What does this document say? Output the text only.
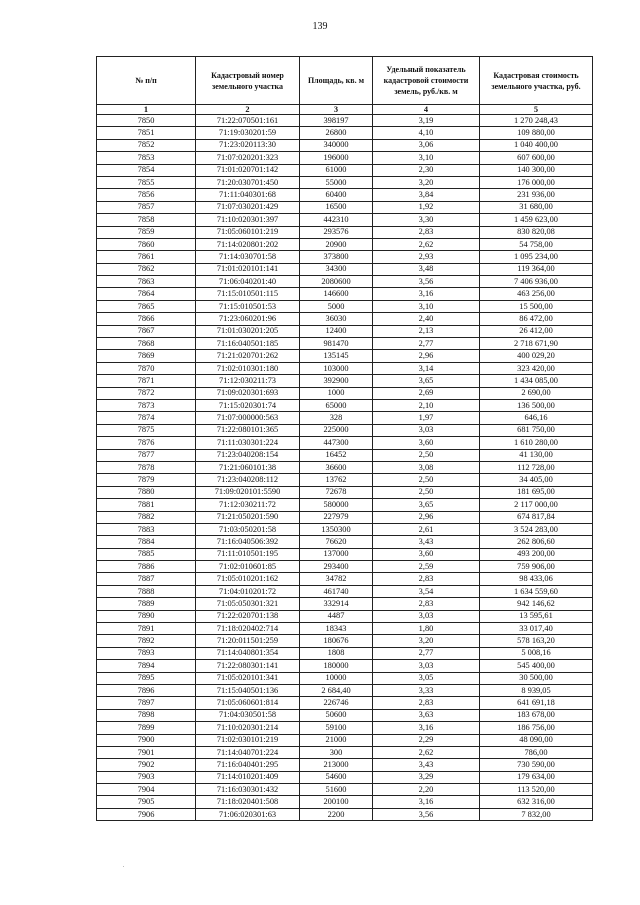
139
№ п/п	Кадастровый номер земельного участка	Площадь, кв. м	Удельный показатель кадастровой стоимости земель, руб./кв. м	Кадастровая стоимость земельного участка, руб.
1	2	3	4	5
7850	71:22:070501:161	398197	3,19	1 270 248,43
7851	71:19:030201:59	26800	4,10	109 880,00
7852	71:23:020113:30	340000	3,06	1 040 400,00
7853	71:07:020201:323	196000	3,10	607 600,00
7854	71:01:020701:142	61000	2,30	140 300,00
7855	71:20:030701:450	55000	3,20	176 000,00
7856	71:11:040301:68	60400	3,84	231 936,00
7857	71:07:030201:429	16500	1,92	31 680,00
7858	71:10:020301:397	442310	3,30	1 459 623,00
7859	71:05:060101:219	293576	2,83	830 820,08
7860	71:14:020801:202	20900	2,62	54 758,00
7861	71:14:030701:58	373800	2,93	1 095 234,00
7862	71:01:020101:141	34300	3,48	119 364,00
7863	71:06:040201:40	2080600	3,56	7 406 936,00
7864	71:15:010501:115	146600	3,16	463 256,00
7865	71:15:010501:53	5000	3,10	15 500,00
7866	71:23:060201:96	36030	2,40	86 472,00
7867	71:01:030201:205	12400	2,13	26 412,00
7868	71:16:040501:185	981470	2,77	2 718 671,90
7869	71:21:020701:262	135145	2,96	400 029,20
7870	71:02:010301:180	103000	3,14	323 420,00
7871	71:12:030211:73	392900	3,65	1 434 085,00
7872	71:09:020301:693	1000	2,69	2 690,00
7873	71:15:020301:74	65000	2,10	136 500,00
7874	71:07:000000:563	328	1,97	646,16
7875	71:22:080101:365	225000	3,03	681 750,00
7876	71:11:030301:224	447300	3,60	1 610 280,00
7877	71:23:040208:154	16452	2,50	41 130,00
7878	71:21:060101:38	36600	3,08	112 728,00
7879	71:23:040208:112	13762	2,50	34 405,00
7880	71:09:020101:5590	72678	2,50	181 695,00
7881	71:12:030211:72	580000	3,65	2 117 000,00
7882	71:21:050201:590	227979	2,96	674 817,84
7883	71:03:050201:58	1350300	2,61	3 524 283,00
7884	71:16:040506:392	76620	3,43	262 806,60
7885	71:11:010501:195	137000	3,60	493 200,00
7886	71:02:010601:85	293400	2,59	759 906,00
7887	71:05:010201:162	34782	2,83	98 433,06
7888	71:04:010201:72	461740	3,54	1 634 559,60
7889	71:05:050301:321	332914	2,83	942 146,62
7890	71:22:020701:138	4487	3,03	13 595,61
7891	71:18:020402:714	18343	1,80	33 017,40
7892	71:20:011501:259	180676	3,20	578 163,20
7893	71:14:040801:354	1808	2,77	5 008,16
7894	71:22:080301:141	180000	3,03	545 400,00
7895	71:05:020101:341	10000	3,05	30 500,00
7896	71:15:040501:136	2 684,40	3,33	8 939,05
7897	71:05:060601:814	226746	2,83	641 691,18
7898	71:04:030501:58	50600	3,63	183 678,00
7899	71:10:020301:214	59100	3,16	186 756,00
7900	71:02:030101:219	21000	2,29	48 090,00
7901	71:14:040701:224	300	2,62	786,00
7902	71:16:040401:295	213000	3,43	730 590,00
7903	71:14:010201:409	54600	3,29	179 634,00
7904	71:16:030301:432	51600	2,20	113 520,00
7905	71:18:020401:508	200100	3,16	632 316,00
7906	71:06:020301:63	2200	3,56	7 832,00
